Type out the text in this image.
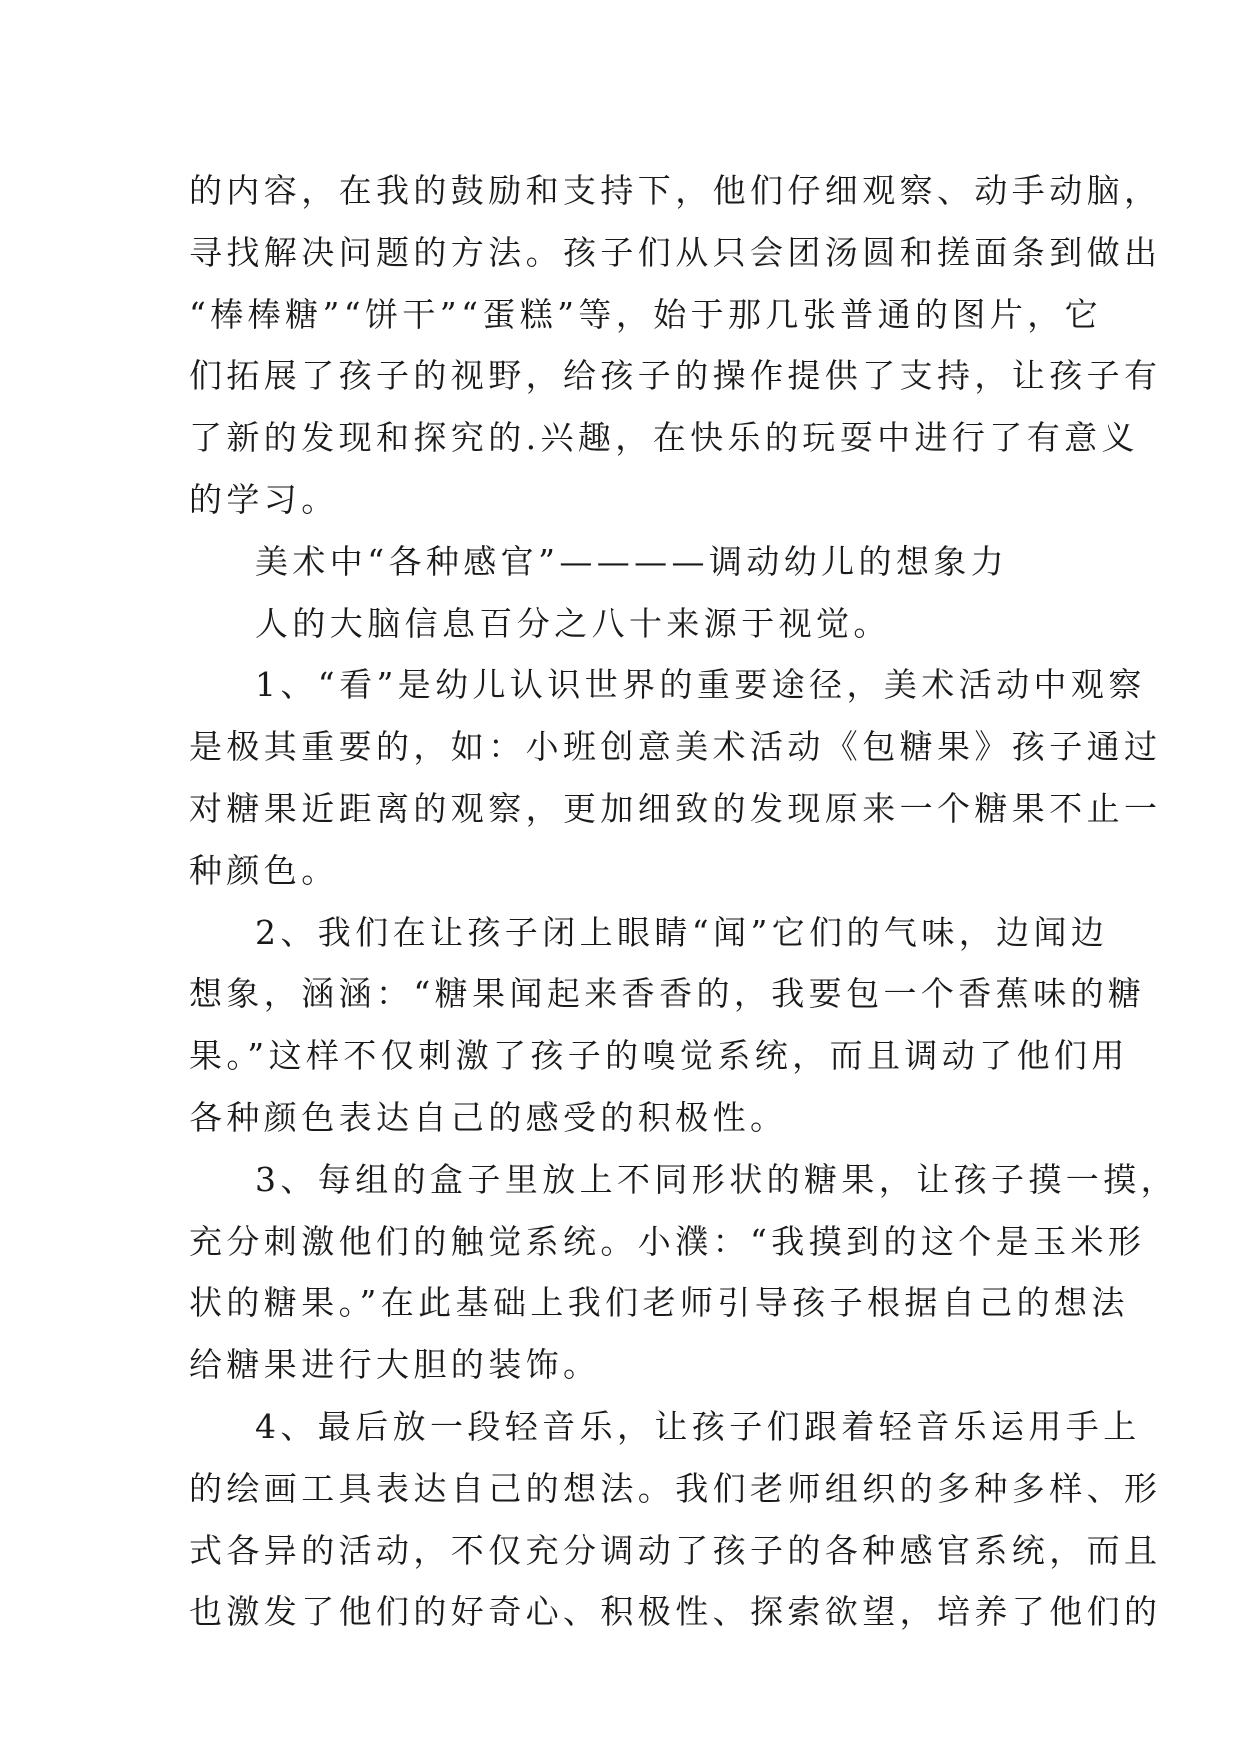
的内容，在我的鼓励和支持下，他们仔细观察、动手动脑，
寻找解决问题的方法。孩子们从只会团汤圆和搓面条到做出
“棒棒糖”“饼干”“蛋糕”等，始于那几张普通的图片，它
们拓展了孩子的视野，给孩子的操作提供了支持，让孩子有
了新的发现和探究的.兴趣，在快乐的玩耍中进行了有意义
的学习。
美术中“各种感官”————调动幼儿的想象力
人的大脑信息百分之八十来源于视觉。
1、“看”是幼儿认识世界的重要途径，美术活动中观察
是极其重要的，如：小班创意美术活动《包糖果》孩子通过
对糖果近距离的观察，更加细致的发现原来一个糖果不止一
种颜色。
2、我们在让孩子闭上眼睛“闻”它们的气味，边闻边
想象，涵涵：“糖果闻起来香香的，我要包一个香蕉味的糖
果。”这样不仅刺激了孩子的嗅觉系统，而且调动了他们用
各种颜色表达自己的感受的积极性。
3、每组的盒子里放上不同形状的糖果，让孩子摸一摸，
充分刺激他们的触觉系统。小濮：“我摸到的这个是玉米形
状的糖果。”在此基础上我们老师引导孩子根据自己的想法
给糖果进行大胆的装饰。
4、最后放一段轻音乐，让孩子们跟着轻音乐运用手上
的绘画工具表达自己的想法。我们老师组织的多种多样、形
式各异的活动，不仅充分调动了孩子的各种感官系统，而且
也激发了他们的好奇心、积极性、探索欲望，培养了他们的
